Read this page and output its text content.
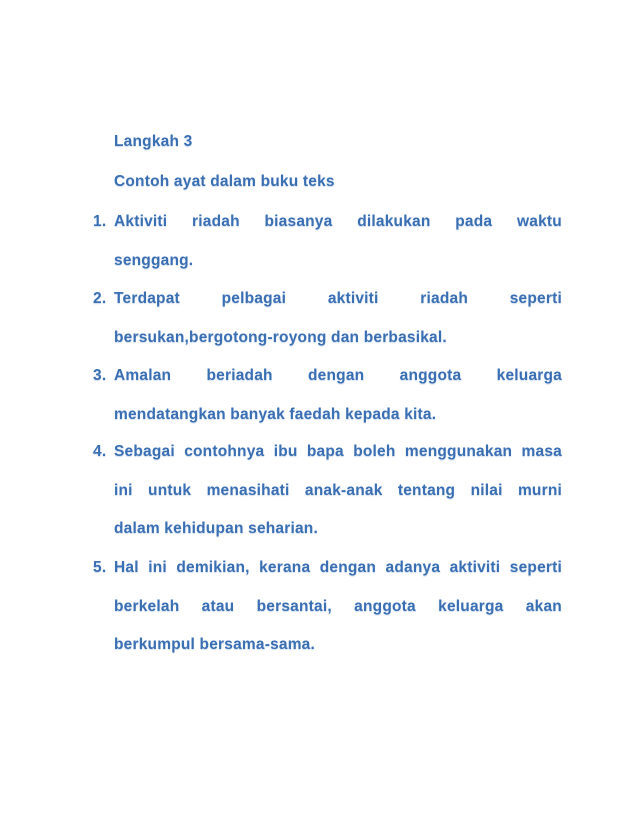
Langkah 3
Contoh ayat dalam buku teks
1. Aktiviti riadah biasanya dilakukan pada waktu
senggang.
2. Terdapat	pelbagai	aktiviti	riadah	seperti
bersukan,bergotong-royong dan berbasikal.
3. Amalan beriadah dengan anggota keluarga
mendatangkan banyak faedah kepada kita.
4. Sebagai contohnya ibu bapa boleh menggunakan masa
ini untuk menasihati anak-anak tentang nilai murni
dalam kehidupan seharian.
5. Hal ini demikian, kerana dengan adanya aktiviti seperti
berkelah atau bersantai, anggota keluarga akan
berkumpul bersama-sama.
